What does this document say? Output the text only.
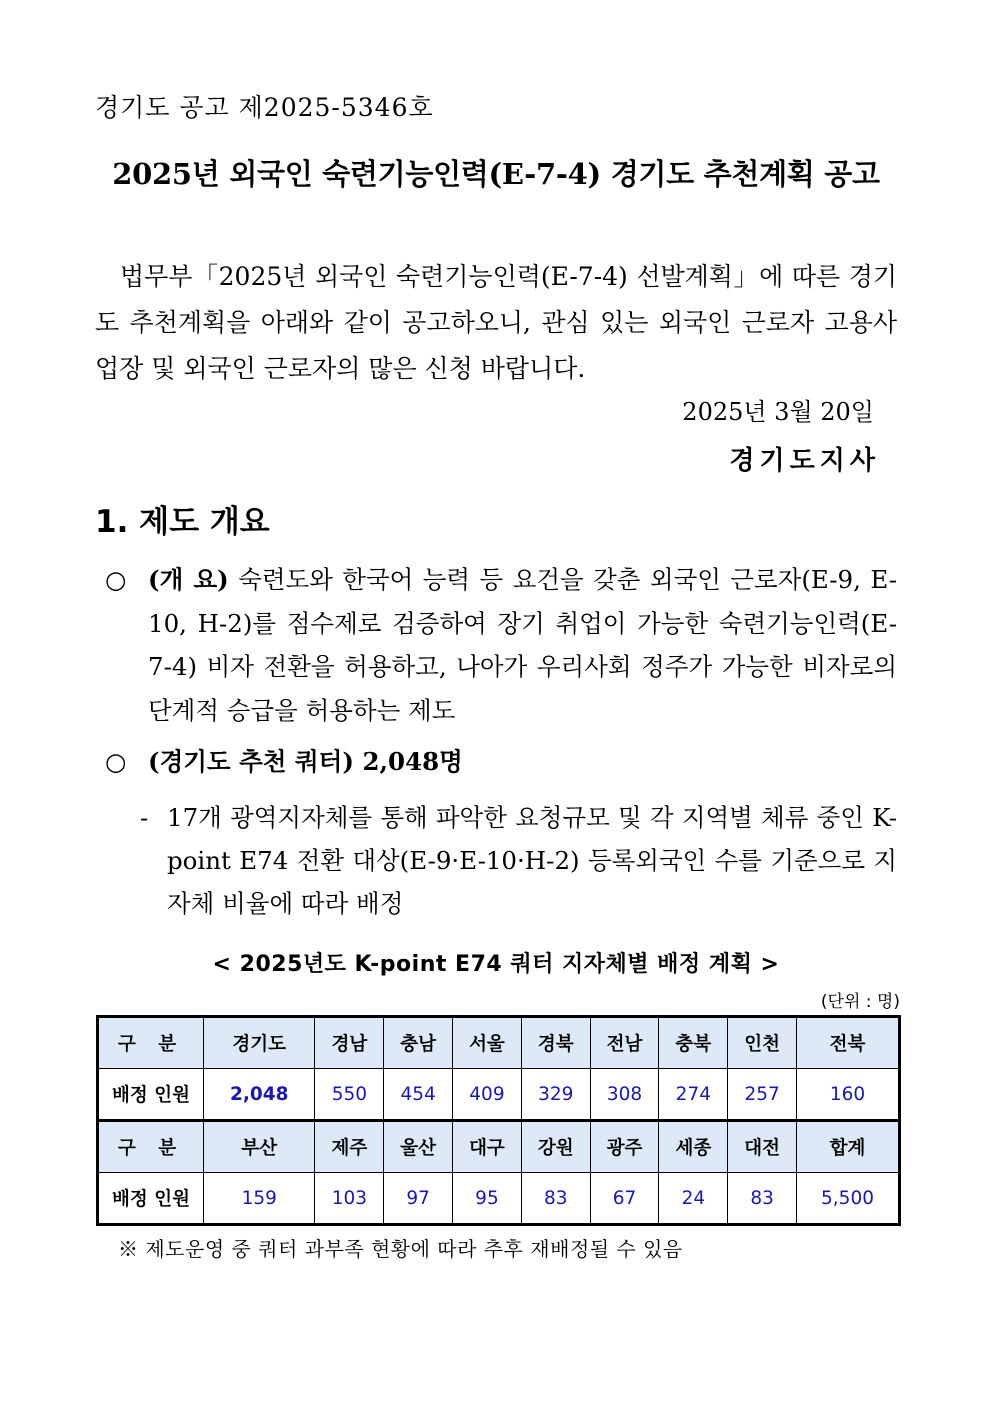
경기도 공고 제2025-5346호
2025년 외국인 숙련기능인력(E-7-4) 경기도 추천계획 공고
법무부「2025년 외국인 숙련기능인력(E-7-4) 선발계획」에 따른 경기도 추천계획을 아래와 같이 공고하오니, 관심 있는 외국인 근로자 고용사업장 및 외국인 근로자의 많은 신청 바랍니다.
2025년 3월 20일
경기도지사
1. 제도 개요
○ (개 요) 숙련도와 한국어 능력 등 요건을 갖춘 외국인 근로자(E-9, E-10, H-2)를 점수제로 검증하여 장기 취업이 가능한 숙련기능인력(E-7-4) 비자 전환을 허용하고, 나아가 우리사회 정주가 가능한 비자로의 단계적 승급을 허용하는 제도
○ (경기도 추천 쿼터) 2,048명
- 17개 광역지자체를 통해 파악한 요청규모 및 각 지역별 체류 중인 K-point E74 전환 대상(E-9·E-10·H-2) 등록외국인 수를 기준으로 지자체 비율에 따라 배정
< 2025년도 K-point E74 쿼터 지자체별 배정 계획 >
(단위 : 명)
구 분	경기도	경남	충남	서울	경북	전남	충북	인천	전북
배정 인원	2,048	550	454	409	329	308	274	257	160
구 분	부산	제주	울산	대구	강원	광주	세종	대전	합계
배정 인원	159	103	97	95	83	67	24	83	5,500
※ 제도운영 중 쿼터 과부족 현황에 따라 추후 재배정될 수 있음
